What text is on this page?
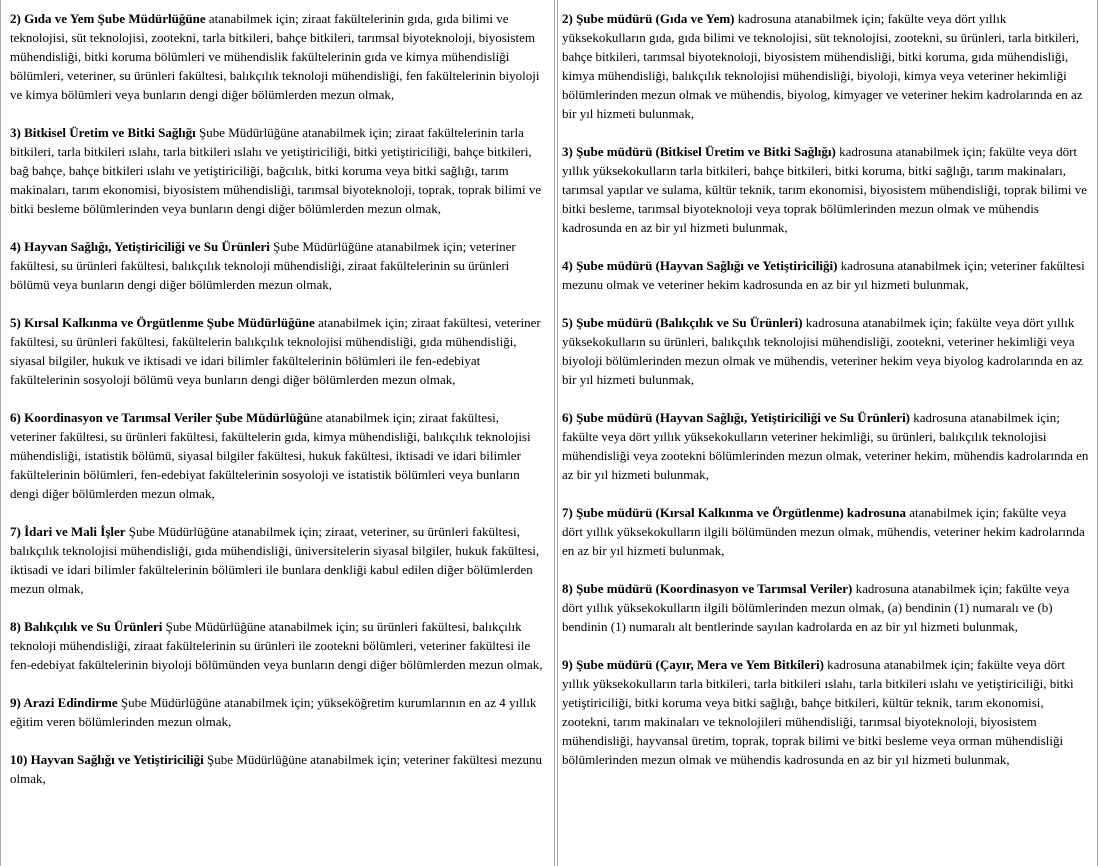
2) Gıda ve Yem Şube Müdürlüğüne atanabilmek için; ziraat fakültelerinin gıda, gıda bilimi ve teknolojisi, süt teknolojisi, zootekni, tarla bitkileri, bahçe bitkileri, tarımsal biyoteknoloji, biyosistem mühendisliği, bitki koruma bölümleri ve mühendislik fakültelerinin gıda ve kimya mühendisliği bölümleri, veteriner, su ürünleri fakültesi, balıkçılık teknoloji mühendisliği, fen fakültelerinin biyoloji ve kimya bölümleri veya bunların dengi diğer bölümlerden mezun olmak,

3) Bitkisel Üretim ve Bitki Sağlığı Şube Müdürlüğüne atanabilmek için; ziraat fakültelerinin tarla bitkileri, tarla bitkileri ıslahı, tarla bitkileri ıslahı ve yetiştiriciliği, bitki yetiştiriciliği, bahçe bitkileri, bağ bahçe, bahçe bitkileri ıslahı ve yetiştiriciliği, bağcılık, bitki koruma veya bitki sağlığı, tarım makinaları, tarım ekonomisi, biyosistem mühendisliği, tarımsal biyoteknoloji, toprak, toprak bilimi ve bitki besleme bölümlerinden veya bunların dengi diğer bölümlerden mezun olmak,

4) Hayvan Sağlığı, Yetiştiriciliği ve Su Ürünleri Şube Müdürlüğüne atanabilmek için; veteriner fakültesi, su ürünleri fakültesi, balıkçılık teknoloji mühendisliği, ziraat fakültelerinin su ürünleri bölümü veya bunların dengi diğer bölümlerden mezun olmak,

5) Kırsal Kalkınma ve Örgütlenme Şube Müdürlüğüne atanabilmek için; ziraat fakültesi, veteriner fakültesi, su ürünleri fakültesi, fakültelerin balıkçılık teknolojisi mühendisliği, gıda mühendisliği, siyasal bilgiler, hukuk ve iktisadi ve idari bilimler fakültelerinin bölümleri ile fen-edebiyat fakültelerinin sosyoloji bölümü veya bunların dengi diğer bölümlerden mezun olmak,

6) Koordinasyon ve Tarımsal Veriler Şube Müdürlüğüne atanabilmek için; ziraat fakültesi, veteriner fakültesi, su ürünleri fakültesi, fakültelerin gıda, kimya mühendisliği, balıkçılık teknolojisi mühendisliği, istatistik bölümü, siyasal bilgiler fakültesi, hukuk fakültesi, iktisadi ve idari bilimler fakültelerinin bölümleri, fen-edebiyat fakültelerinin sosyoloji ve istatistik bölümleri veya bunların dengi diğer bölümlerden mezun olmak,

7) İdari ve Mali İşler Şube Müdürlüğüne atanabilmek için; ziraat, veteriner, su ürünleri fakültesi, balıkçılık teknolojisi mühendisliği, gıda mühendisliği, üniversitelerin siyasal bilgiler, hukuk fakültesi, iktisadi ve idari bilimler fakültelerinin bölümleri ile bunlara denkliği kabul edilen diğer bölümlerden mezun olmak,

8) Balıkçılık ve Su Ürünleri Şube Müdürlüğüne atanabilmek için; su ürünleri fakültesi, balıkçılık teknoloji mühendisliği, ziraat fakültelerinin su ürünleri ile zootekni bölümleri, veteriner fakültesi ile fen-edebiyat fakültelerinin biyoloji bölümünden veya bunların dengi diğer bölümlerden mezun olmak,

9) Arazi Edindirme Şube Müdürlüğüne atanabilmek için; yükseköğretim kurumlarının en az 4 yıllık eğitim veren bölümlerinden mezun olmak,

10) Hayvan Sağlığı ve Yetiştiriciliği Şube Müdürlüğüne atanabilmek için; veteriner fakültesi mezunu olmak,

2) Şube müdürü (Gıda ve Yem) kadrosuna atanabilmek için; fakülte veya dört yıllık yüksekokulların gıda, gıda bilimi ve teknolojisi, süt teknolojisi, zootekni, su ürünleri, tarla bitkileri, bahçe bitkileri, tarımsal biyoteknoloji, biyosistem mühendisliği, bitki koruma, gıda mühendisliği, kimya mühendisliği, balıkçılık teknolojisi mühendisliği, biyoloji, kimya veya veteriner hekimliği bölümlerinden mezun olmak ve mühendis, biyolog, kimyager ve veteriner hekim kadrolarında en az bir yıl hizmeti bulunmak,

3) Şube müdürü (Bitkisel Üretim ve Bitki Sağlığı) kadrosuna atanabilmek için; fakülte veya dört yıllık yüksekokulların tarla bitkileri, bahçe bitkileri, bitki koruma, bitki sağlığı, tarım makinaları, tarımsal yapılar ve sulama, kültür teknik, tarım ekonomisi, biyosistem mühendisliği, toprak bilimi ve bitki besleme, tarımsal biyoteknoloji veya toprak bölümlerinden mezun olmak ve mühendis kadrosunda en az bir yıl hizmeti bulunmak,

4) Şube müdürü (Hayvan Sağlığı ve Yetiştiriciliği) kadrosuna atanabilmek için; veteriner fakültesi mezunu olmak ve veteriner hekim kadrosunda en az bir yıl hizmeti bulunmak,

5) Şube müdürü (Balıkçılık ve Su Ürünleri) kadrosuna atanabilmek için; fakülte veya dört yıllık yüksekokulların su ürünleri, balıkçılık teknolojisi mühendisliği, zootekni, veteriner hekimliği veya biyoloji bölümlerinden mezun olmak ve mühendis, veteriner hekim veya biyolog kadrolarında en az bir yıl hizmeti bulunmak,

6) Şube müdürü (Hayvan Sağlığı, Yetiştiriciliği ve Su Ürünleri) kadrosuna atanabilmek için; fakülte veya dört yıllık yüksekokulların veteriner hekimliği, su ürünleri, balıkçılık teknolojisi mühendisliği veya zootekni bölümlerinden mezun olmak, veteriner hekim, mühendis kadrolarında en az bir yıl hizmeti bulunmak,

7) Şube müdürü (Kırsal Kalkınma ve Örgütlenme) kadrosuna atanabilmek için; fakülte veya dört yıllık yüksekokulların ilgili bölümünden mezun olmak, mühendis, veteriner hekim kadrolarında en az bir yıl hizmeti bulunmak,

8) Şube müdürü (Koordinasyon ve Tarımsal Veriler) kadrosuna atanabilmek için; fakülte veya dört yıllık yüksekokulların ilgili bölümlerinden mezun olmak, (a) bendinin (1) numaralı ve (b) bendinin (1) numaralı alt bentlerinde sayılan kadrolarda en az bir yıl hizmeti bulunmak,

9) Şube müdürü (Çayır, Mera ve Yem Bitkileri) kadrosuna atanabilmek için; fakülte veya dört yıllık yüksekokulların tarla bitkileri, tarla bitkileri ıslahı, tarla bitkileri ıslahı ve yetiştiriciliği, bitki yetiştiriciliği, bitki koruma veya bitki sağlığı, bahçe bitkileri, kültür teknik, tarım ekonomisi, zootekni, tarım makinaları ve teknolojileri mühendisliği, tarımsal biyoteknoloji, biyosistem mühendisliği, hayvansal üretim, toprak, toprak bilimi ve bitki besleme veya orman mühendisliği bölümlerinden mezun olmak ve mühendis kadrosunda en az bir yıl hizmeti bulunmak,
